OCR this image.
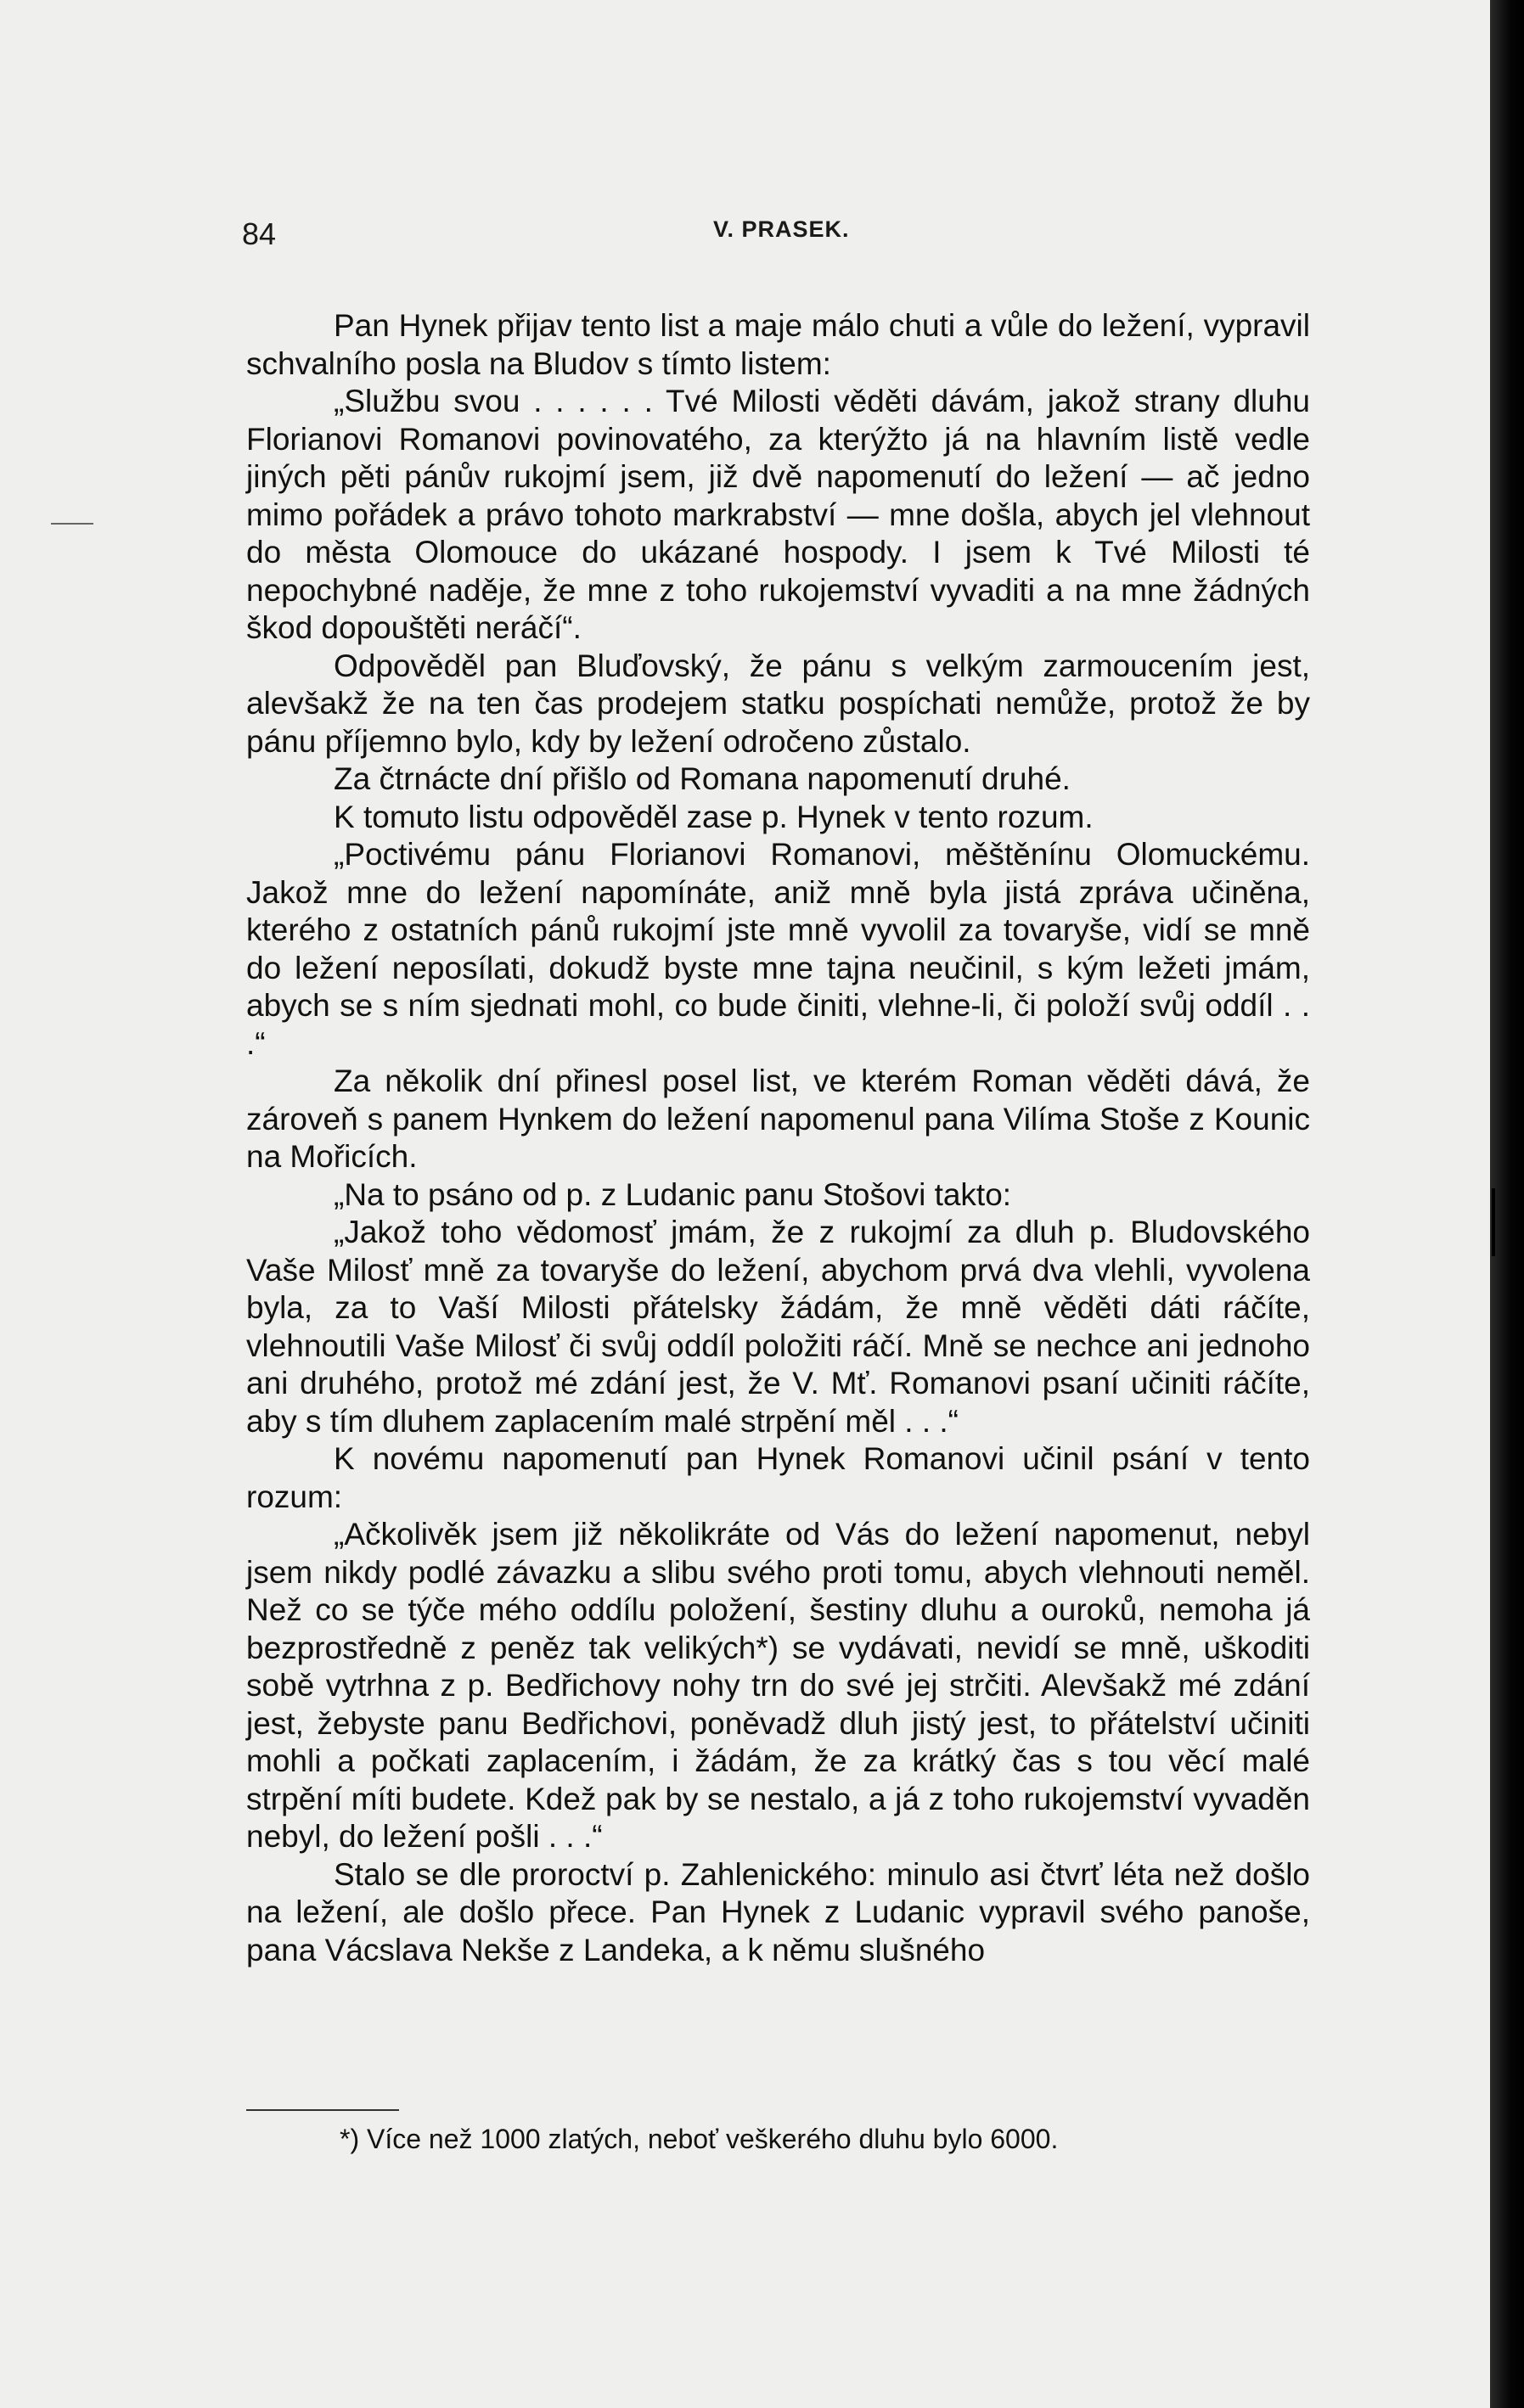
84	V. PRASEK.

Pan Hynek přijav tento list a maje málo chuti a vůle do ležení, vypravil schvalního posla na Bludov s tímto listem:

„Službu svou . . . . . . Tvé Milosti věděti dávám, jakož strany dluhu Florianovi Romanovi povinovatého, za kterýžto já na hlavním listě vedle jiných pěti pánův rukojmí jsem, již dvě napomenutí do ležení — ač jedno mimo pořádek a právo tohoto markrabství — mne došla, abych jel vlehnout do města Olomouce do ukázané hospody. I jsem k Tvé Milosti té nepochybné naděje, že mne z toho rukojemství vyvaditi a na mne žádných škod dopouštěti neráčí“.

Odpověděl pan Bluďovský, že pánu s velkým zarmoucením jest, alevšakž že na ten čas prodejem statku pospíchati nemůže, protož že by pánu příjemno bylo, kdy by ležení odročeno zůstalo.

Za čtrnácte dní přišlo od Romana napomenutí druhé.

K tomuto listu odpověděl zase p. Hynek v tento rozum.

„Poctivému pánu Florianovi Romanovi, měštěnínu Olomuckému. Jakož mne do ležení napomínáte, aniž mně byla jistá zpráva učiněna, kterého z ostatních pánů rukojmí jste mně vyvolil za tovaryše, vidí se mně do ležení neposílati, dokudž byste mne tajna neučinil, s kým ležeti jmám, abych se s ním sjednati mohl, co bude činiti, vlehne-li, či položí svůj oddíl . . .“

Za několik dní přinesl posel list, ve kterém Roman věděti dává, že zároveň s panem Hynkem do ležení napomenul pana Vilíma Stoše z Kounic na Mořicích.

„Na to psáno od p. z Ludanic panu Stošovi takto:

„Jakož toho vědomosť jmám, že z rukojmí za dluh p. Bludovského Vaše Milosť mně za tovaryše do ležení, abychom prvá dva vlehli, vyvolena byla, za to Vaší Milosti přátelsky žádám, že mně věděti dáti ráčíte, vlehnoutili Vaše Milosť či svůj oddíl položiti ráčí. Mně se nechce ani jednoho ani druhého, protož mé zdání jest, že V. Mť. Romanovi psaní učiniti ráčíte, aby s tím dluhem zaplacením malé strpění měl . . .“

K novému napomenutí pan Hynek Romanovi učinil psání v tento rozum:

„Ačkolivěk jsem již několikráte od Vás do ležení napomenut, nebyl jsem nikdy podlé závazku a slibu svého proti tomu, abych vlehnouti neměl. Než co se týče mého oddílu položení, šestiny dluhu a ouroků, nemoha já bezprostředně z peněz tak velikých*) se vydávati, nevidí se mně, uškoditi sobě vytrhna z p. Bedřichovy nohy trn do své jej strčiti. Alevšakž mé zdání jest, žebyste panu Bedřichovi, poněvadž dluh jistý jest, to přátelství učiniti mohli a počkati zaplacením, i žádám, že za krátký čas s tou věcí malé strpění míti budete. Kdež pak by se nestalo, a já z toho rukojemství vyvaděn nebyl, do ležení pošli . . .“

Stalo se dle proroctví p. Zahlenického: minulo asi čtvrť léta než došlo na ležení, ale došlo přece. Pan Hynek z Ludanic vypravil svého panoše, pana Vácslava Nekše z Landeka, a k němu slušného

*) Více než 1000 zlatých, neboť veškerého dluhu bylo 6000.
